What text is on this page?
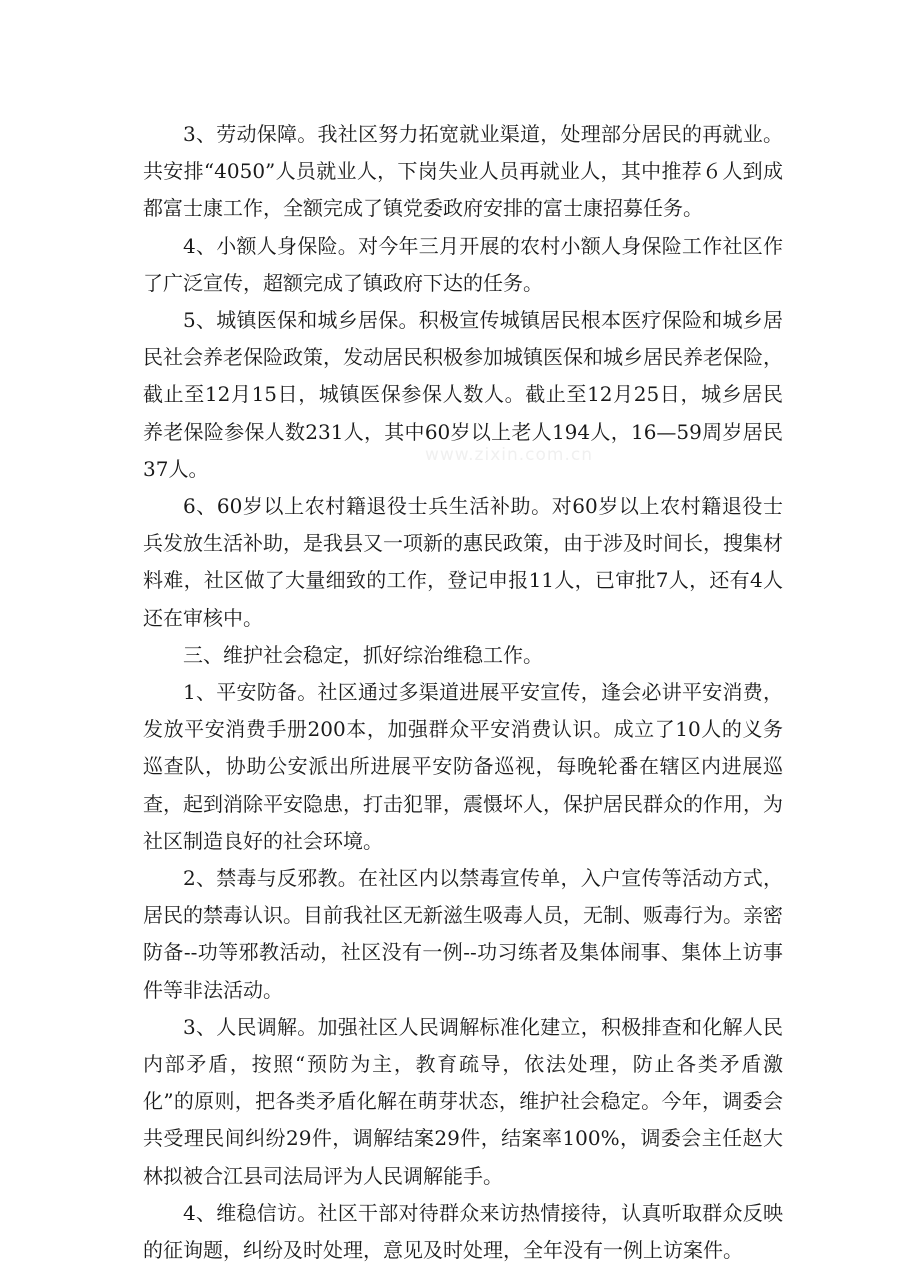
www.zixin.com.cn

3、劳动保障。我社区努力拓宽就业渠道，处理部分居民的再就业。共安排“4050”人员就业人，下岗失业人员再就业人，其中推荐６人到成都富士康工作，全额完成了镇党委政府安排的富士康招募任务。

4、小额人身保险。对今年三月开展的农村小额人身保险工作社区作了广泛宣传，超额完成了镇政府下达的任务。

5、城镇医保和城乡居保。积极宣传城镇居民根本医疗保险和城乡居民社会养老保险政策，发动居民积极参加城镇医保和城乡居民养老保险，截止至12月15日，城镇医保参保人数人。截止至12月25日，城乡居民养老保险参保人数231人，其中60岁以上老人194人，16—59周岁居民37人。

6、60岁以上农村籍退役士兵生活补助。对60岁以上农村籍退役士兵发放生活补助，是我县又一项新的惠民政策，由于涉及时间长，搜集材料难，社区做了大量细致的工作，登记申报11人，已审批7人，还有4人还在审核中。

三、维护社会稳定，抓好综治维稳工作。

1、平安防备。社区通过多渠道进展平安宣传，逢会必讲平安消费，发放平安消费手册200本，加强群众平安消费认识。成立了10人的义务巡查队，协助公安派出所进展平安防备巡视，每晚轮番在辖区内进展巡查，起到消除平安隐患，打击犯罪，震慑坏人，保护居民群众的作用，为社区制造良好的社会环境。

2、禁毒与反邪教。在社区内以禁毒宣传单，入户宣传等活动方式，居民的禁毒认识。目前我社区无新滋生吸毒人员，无制、贩毒行为。亲密防备--功等邪教活动，社区没有一例--功习练者及集体闹事、集体上访事件等非法活动。

3、人民调解。加强社区人民调解标准化建立，积极排查和化解人民内部矛盾，按照“预防为主，教育疏导，依法处理，防止各类矛盾激化”的原则，把各类矛盾化解在萌芽状态，维护社会稳定。今年，调委会共受理民间纠纷29件，调解结案29件，结案率100%，调委会主任赵大林拟被合江县司法局评为人民调解能手。

4、维稳信访。社区干部对待群众来访热情接待，认真听取群众反映的征询题，纠纷及时处理，意见及时处理，全年没有一例上访案件。
